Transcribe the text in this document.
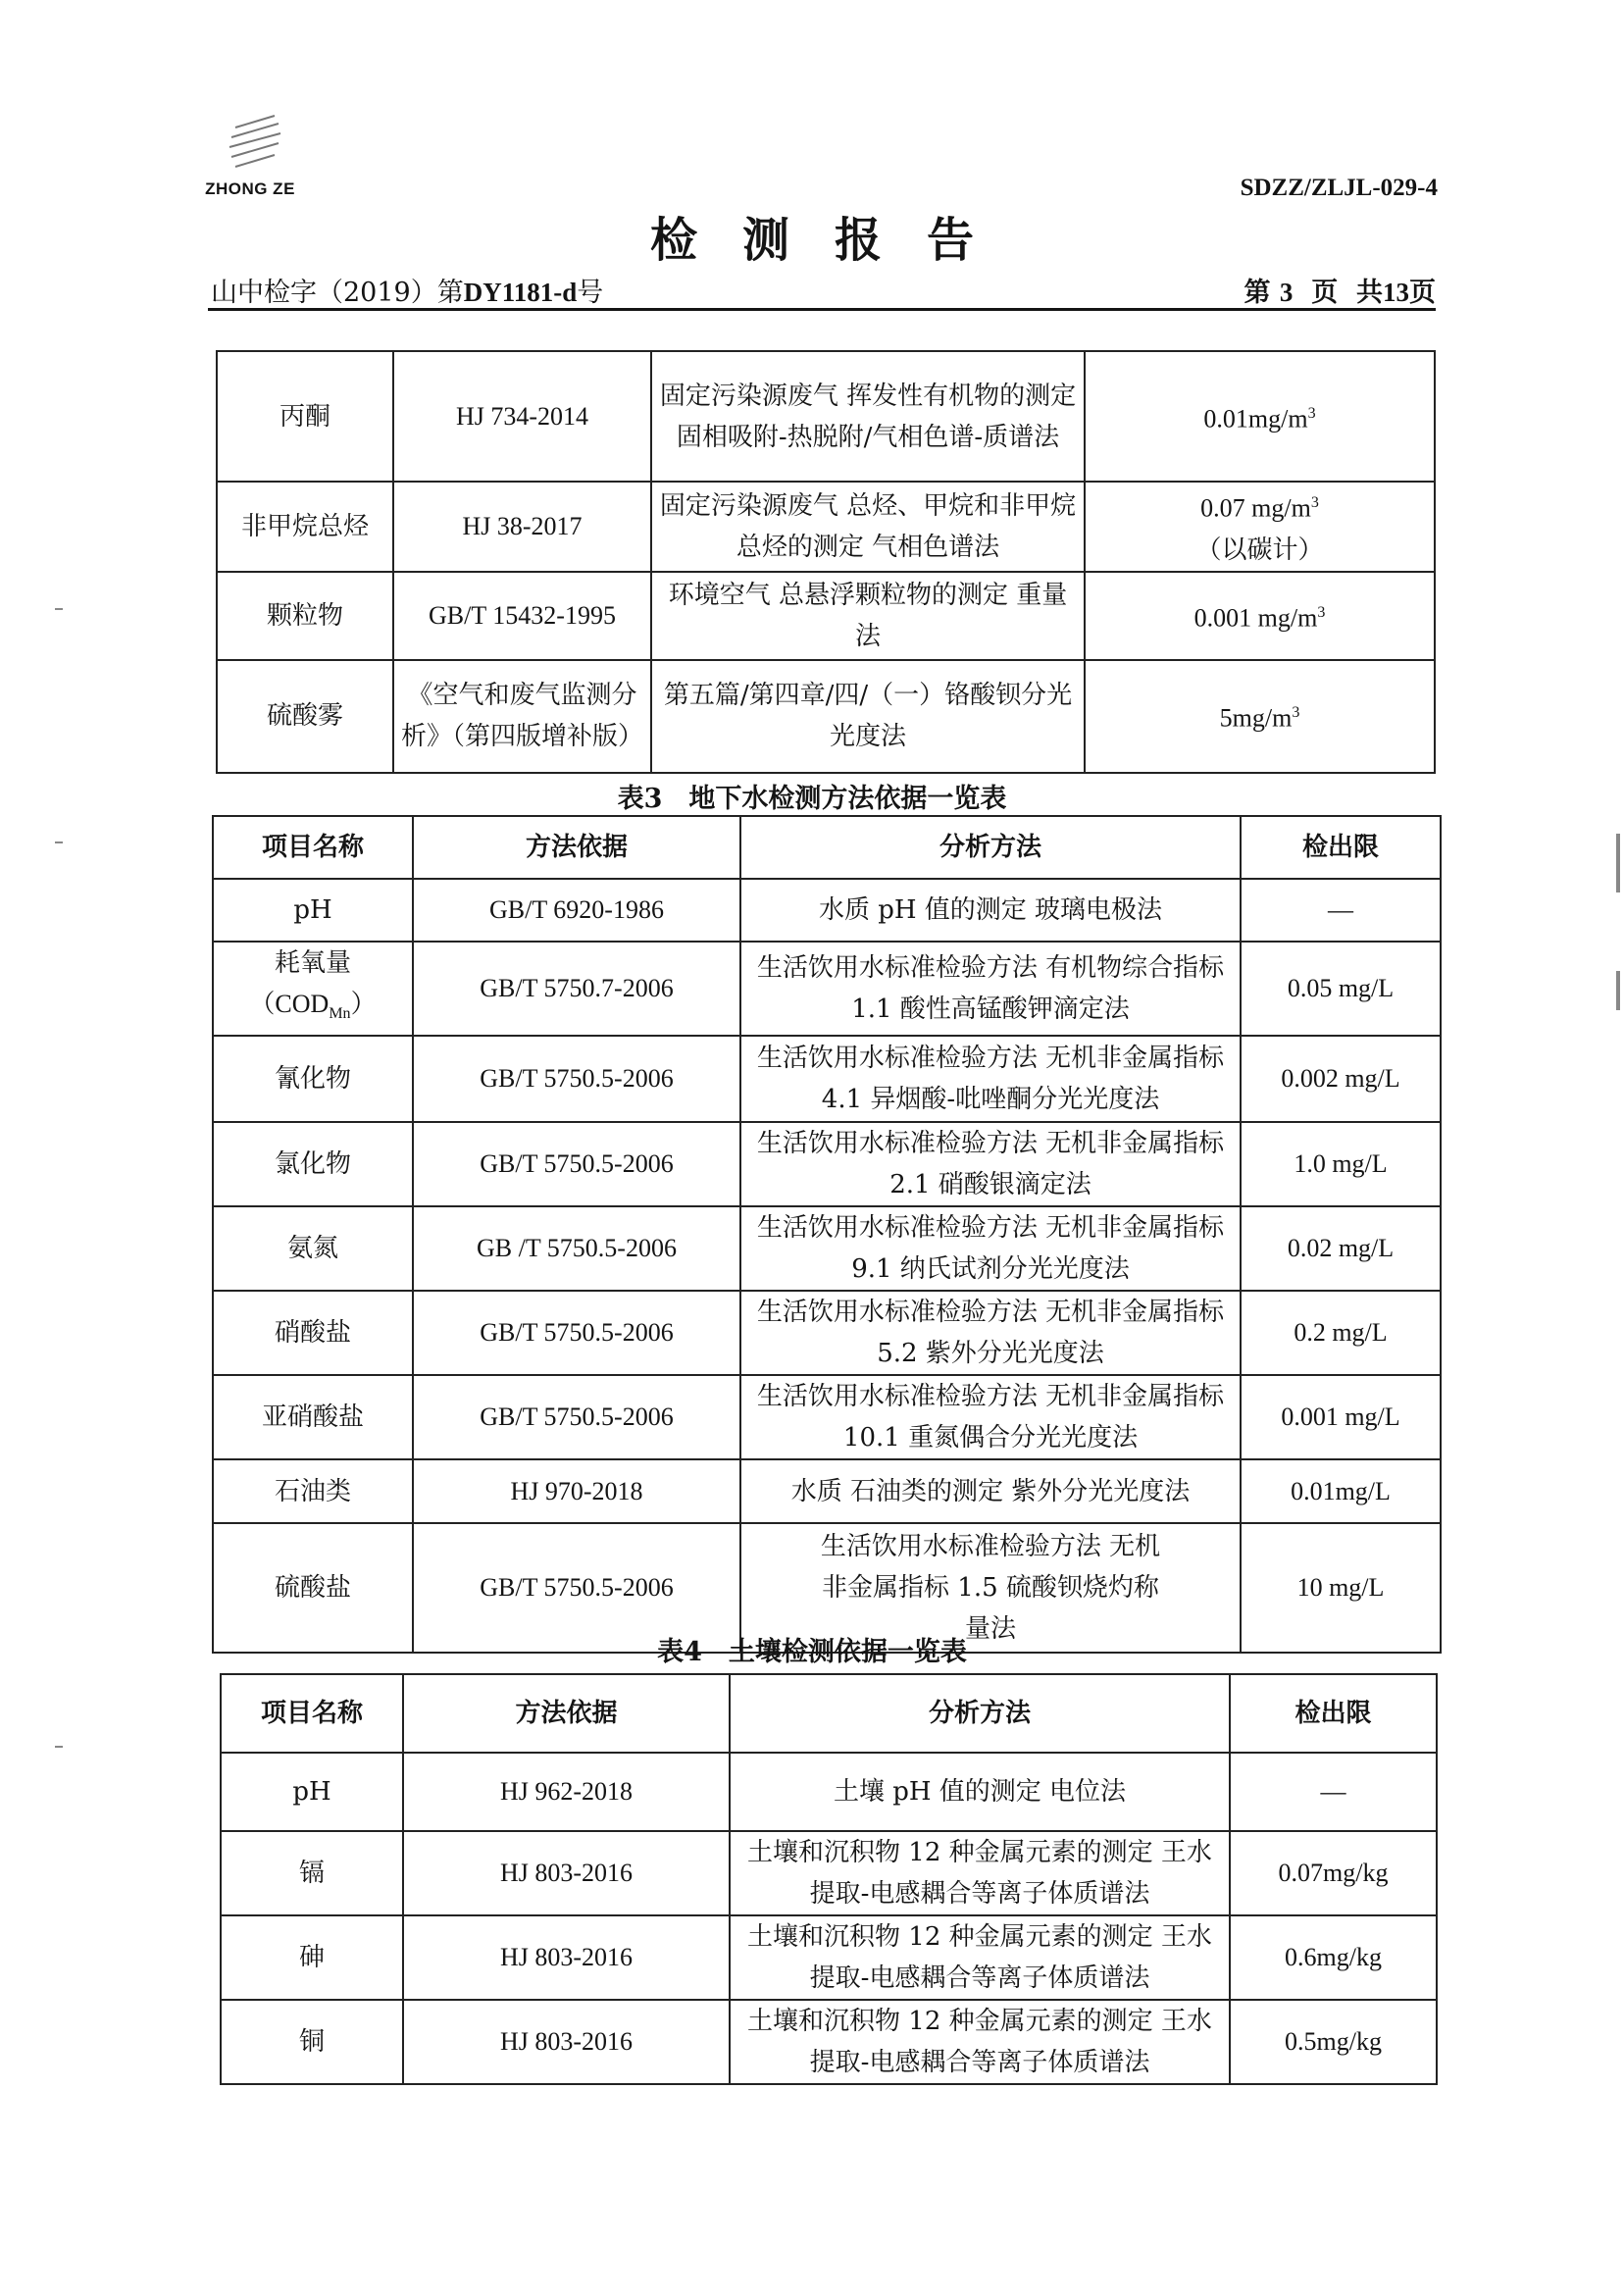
ZHONG ZE	SDZZ/ZLJL-029-4
检测报告
山中检字（2019）第DY1181-d号	第 3 页 共13页
丙酮	HJ 734-2014	固定污染源废气 挥发性有机物的测定 固相吸附-热脱附/气相色谱-质谱法	$0.01mg/m^3$
非甲烷总烃	HJ 38-2017	固定污染源废气 总烃、甲烷和非甲烷总烃的测定 气相色谱法	0.07 $mg/m^3$
（以碳计）
颗粒物	GB/T 15432-1995	环境空气 总悬浮颗粒物的测定 重量法	0.001 $mg/m^3$
硫酸雾	《空气和废气监测分析》（第四版增补版）	第五篇/第四章/四/（一）铬酸钡分光光度法	$5mg/m^3$
表3　地下水检测方法依据一览表
项目名称	方法依据	分析方法	检出限
pH	GB/T 6920-1986	水质 pH 值的测定 玻璃电极法	—
耗氧量
$(COD_{Mn})$	GB/T 5750.7-2006	生活饮用水标准检验方法 有机物综合指标1.1 酸性高锰酸钾滴定法	0.05 mg/L
氰化物	GB/T 5750.5-2006	生活饮用水标准检验方法 无机非金属指标 4.1 异烟酸-吡唑酮分光光度法	0.002 mg/L
氯化物	GB/T 5750.5-2006	生活饮用水标准检验方法 无机非金属指标 2.1 硝酸银滴定法	1.0 mg/L
氨氮	GB /T 5750.5-2006	生活饮用水标准检验方法 无机非金属指标 9.1 纳氏试剂分光光度法	0.02 mg/L
硝酸盐	GB/T 5750.5-2006	生活饮用水标准检验方法 无机非金属指标 5.2 紫外分光光度法	0.2 mg/L
亚硝酸盐	GB/T 5750.5-2006	生活饮用水标准检验方法 无机非金属指标 10.1 重氮偶合分光光度法	0.001 mg/L
石油类	HJ 970-2018	水质 石油类的测定 紫外分光光度法	0.01mg/L
硫酸盐	GB/T 5750.5-2006	生活饮用水标准检验方法 无机非金属指标 1.5 硫酸钡烧灼称量法	10 mg/L
表4　土壤检测依据一览表
项目名称	方法依据	分析方法	检出限
pH	HJ 962-2018	土壤 pH 值的测定 电位法	—
镉	HJ 803-2016	土壤和沉积物 12 种金属元素的测定 王水提取-电感耦合等离子体质谱法	0.07mg/kg
砷	HJ 803-2016	土壤和沉积物 12 种金属元素的测定 王水提取-电感耦合等离子体质谱法	0.6mg/kg
铜	HJ 803-2016	土壤和沉积物 12 种金属元素的测定 王水提取-电感耦合等离子体质谱法	0.5mg/kg
